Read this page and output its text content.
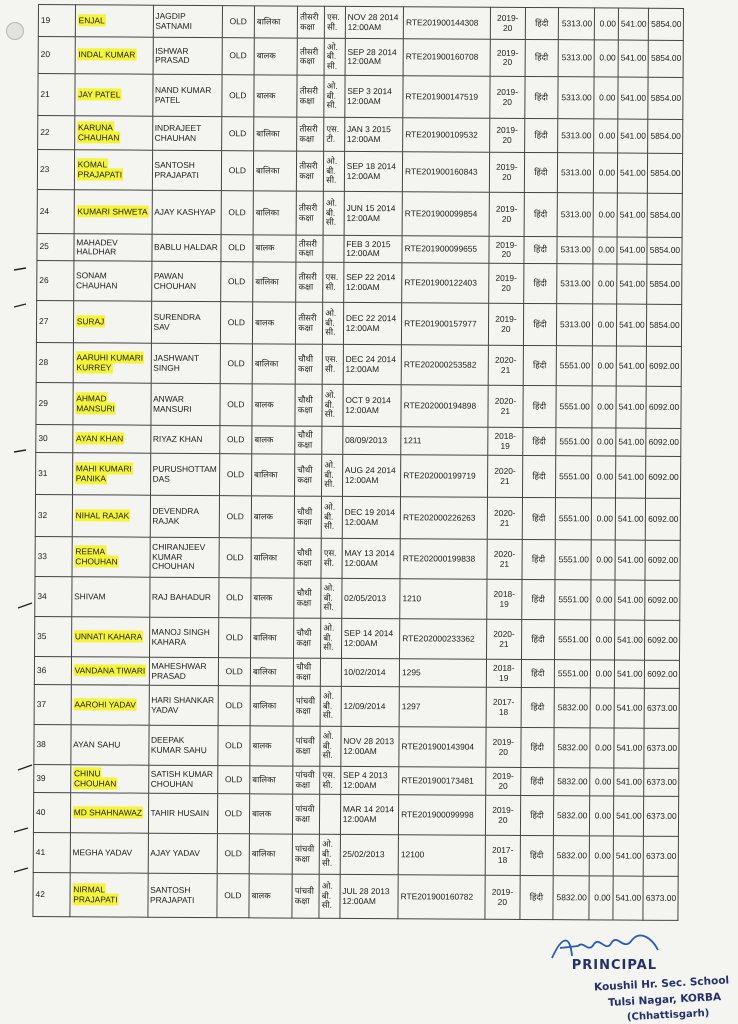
19	ENJAL	JAGDIP SATNAMI	OLD	बालिका	तीसरी कक्षा	एस. सी.	NOV 28 2014 12:00AM	RTE201900144308	2019-20	हिंदी	5313.00	0.00	541.00	5854.00
20	INDAL KUMAR	ISHWAR PRASAD	OLD	बालक	तीसरी कक्षा	ओ. बी. सी.	SEP 28 2014 12:00AM	RTE201900160708	2019-20	हिंदी	5313.00	0.00	541.00	5854.00
21	JAY PATEL	NAND KUMAR PATEL	OLD	बालक	तीसरी कक्षा	ओ. बी. सी.	SEP 3 2014 12:00AM	RTE201900147519	2019-20	हिंदी	5313.00	0.00	541.00	5854.00
22	KARUNA CHAUHAN	INDRAJEET CHAUHAN	OLD	बालिका	तीसरी कक्षा	एस. टी.	JAN 3 2015 12:00AM	RTE201900109532	2019-20	हिंदी	5313.00	0.00	541.00	5854.00
23	KOMAL PRAJAPATI	SANTOSH PRAJAPATI	OLD	बालिका	तीसरी कक्षा	ओ. बी. सी.	SEP 18 2014 12:00AM	RTE201900160843	2019-20	हिंदी	5313.00	0.00	541.00	5854.00
24	KUMARI SHWETA	AJAY KASHYAP	OLD	बालिका	तीसरी कक्षा	ओ. बी. सी.	JUN 15 2014 12:00AM	RTE201900099854	2019-20	हिंदी	5313.00	0.00	541.00	5854.00
25	MAHADEV HALDHAR	BABLU HALDAR	OLD	बालक	तीसरी कक्षा		FEB 3 2015 12:00AM	RTE201900099655	2019-20	हिंदी	5313.00	0.00	541.00	5854.00
26	SONAM CHAUHAN	PAWAN CHOUHAN	OLD	बालिका	तीसरी कक्षा	एस. सी.	SEP 22 2014 12:00AM	RTE201900122403	2019-20	हिंदी	5313.00	0.00	541.00	5854.00
27	SURAJ	SURENDRA SAV	OLD	बालक	तीसरी कक्षा	ओ. बी. सी.	DEC 22 2014 12:00AM	RTE201900157977	2019-20	हिंदी	5313.00	0.00	541.00	5854.00
28	AARUHI KUMARI KURREY	JASHWANT SINGH	OLD	बालिका	चौथी कक्षा	एस. सी.	DEC 24 2014 12:00AM	RTE202000253582	2020-21	हिंदी	5551.00	0.00	541.00	6092.00
29	AHMAD MANSURI	ANWAR MANSURI	OLD	बालक	चौथी कक्षा	ओ. बी. सी.	OCT 9 2014 12:00AM	RTE202000194898	2020-21	हिंदी	5551.00	0.00	541.00	6092.00
30	AYAN KHAN	RIYAZ KHAN	OLD	बालक	चौथी कक्षा		08/09/2013	1211	2018-19	हिंदी	5551.00	0.00	541.00	6092.00
31	MAHI KUMARI PANIKA	PURUSHOTTAM DAS	OLD	बालिका	चौथी कक्षा	ओ. बी. सी.	AUG 24 2014 12:00AM	RTE202000199719	2020-21	हिंदी	5551.00	0.00	541.00	6092.00
32	NIHAL RAJAK	DEVENDRA RAJAK	OLD	बालक	चौथी कक्षा	ओ. बी. सी.	DEC 19 2014 12:00AM	RTE202000226263	2020-21	हिंदी	5551.00	0.00	541.00	6092.00
33	REEMA CHOUHAN	CHIRANJEEV KUMAR CHOUHAN	OLD	बालिका	चौथी कक्षा	एस. सी.	MAY 13 2014 12:00AM	RTE202000199838	2020-21	हिंदी	5551.00	0.00	541.00	6092.00
34	SHIVAM	RAJ BAHADUR	OLD	बालक	चौथी कक्षा	ओ. बी. सी.	02/05/2013	1210	2018-19	हिंदी	5551.00	0.00	541.00	6092.00
35	UNNATI KAHARA	MANOJ SINGH KAHARA	OLD	बालिका	चौथी कक्षा	ओ. बी. सी.	SEP 14 2014 12:00AM	RTE202000233362	2020-21	हिंदी	5551.00	0.00	541.00	6092.00
36	VANDANA TIWARI	MAHESHWAR PRASAD	OLD	बालिका	चौथी कक्षा		10/02/2014	1295	2018-19	हिंदी	5551.00	0.00	541.00	6092.00
37	AAROHI YADAV	HARI SHANKAR YADAV	OLD	बालिका	पांचवी कक्षा	ओ. बी. सी.	12/09/2014	1297	2017-18	हिंदी	5832.00	0.00	541.00	6373.00
38	AYAN SAHU	DEEPAK KUMAR SAHU	OLD	बालक	पांचवी कक्षा	ओ. बी. सी.	NOV 28 2013 12:00AM	RTE201900143904	2019-20	हिंदी	5832.00	0.00	541.00	6373.00
39	CHINU CHOUHAN	SATISH KUMAR CHOUHAN	OLD	बालिका	पांचवी कक्षा	एस. सी.	SEP 4 2013 12:00AM	RTE201900173481	2019-20	हिंदी	5832.00	0.00	541.00	6373.00
40	MD SHAHNAWAZ	TAHIR HUSAIN	OLD	बालक	पांचवी कक्षा		MAR 14 2014 12:00AM	RTE201900099998	2019-20	हिंदी	5832.00	0.00	541.00	6373.00
41	MEGHA YADAV	AJAY YADAV	OLD	बालिका	पांचवी कक्षा	ओ. बी. सी.	25/02/2013	12100	2017-18	हिंदी	5832.00	0.00	541.00	6373.00
42	NIRMAL PRAJAPATI	SANTOSH PRAJAPATI	OLD	बालक	पांचवी कक्षा	ओ. बी. सी.	JUL 28 2013 12:00AM	RTE201900160782	2019-20	हिंदी	5832.00	0.00	541.00	6373.00
PRINCIPAL
Koushil Hr. Sec. School
Tulsi Nagar, KORBA
(Chhattisgarh)
